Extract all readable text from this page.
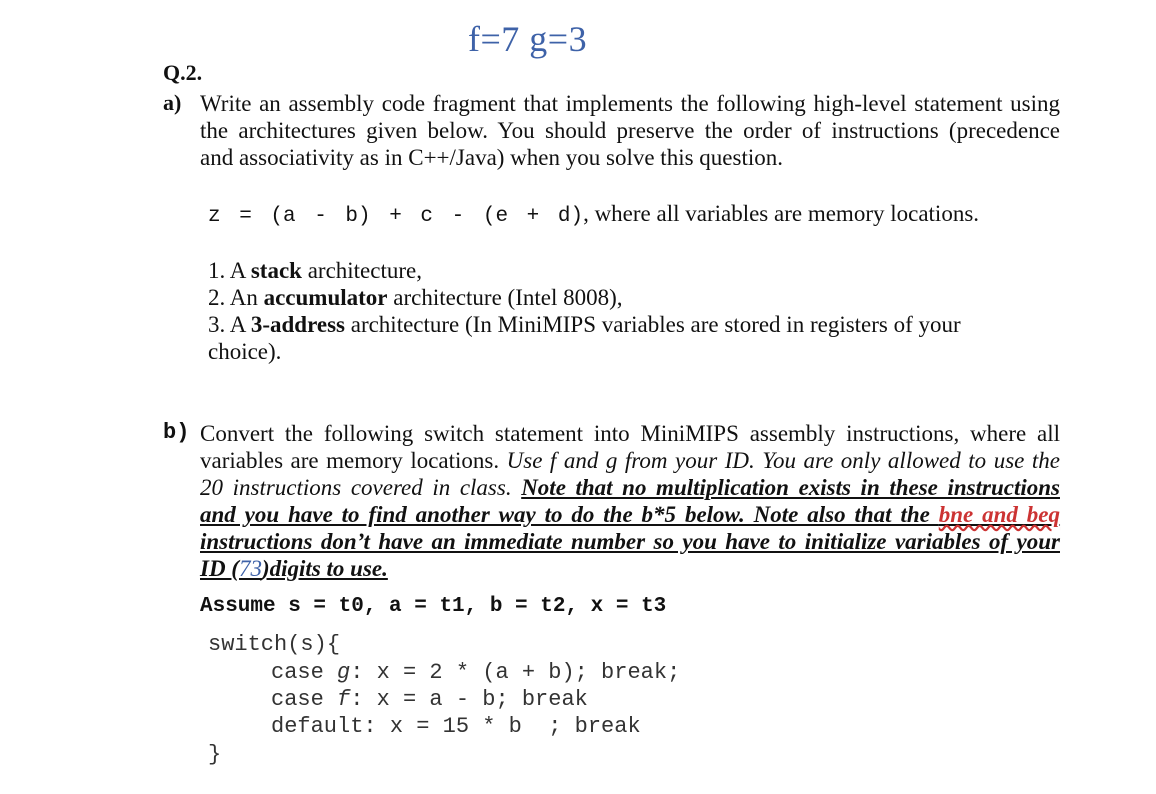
f=7 g=3
Q.2.
a) Write an assembly code fragment that implements the following high-level statement using
the architectures given below. You should preserve the order of instructions (precedence
and associativity as in C++/Java) when you solve this question.
z = (a - b) + c - (e + d), where all variables are memory locations.
1. A stack architecture,
2. An accumulator architecture (Intel 8008),
3. A 3-address architecture (In MiniMIPS variables are stored in registers of your
choice).
b) Convert the following switch statement into MiniMIPS assembly instructions, where all
variables are memory locations. Use f and g from your ID. You are only allowed to use the
20 instructions covered in class. Note that no multiplication exists in these instructions
and you have to find another way to do the b*5 below. Note also that the bne and beq
instructions don’t have an immediate number so you have to initialize variables of your
ID (73)digits to use.
Assume s = t0, a = t1, b = t2, x = t3
switch(s){
case g: x = 2 * (a + b); break;
case f: x = a - b; break
default: x = 15 * b  ; break
}
